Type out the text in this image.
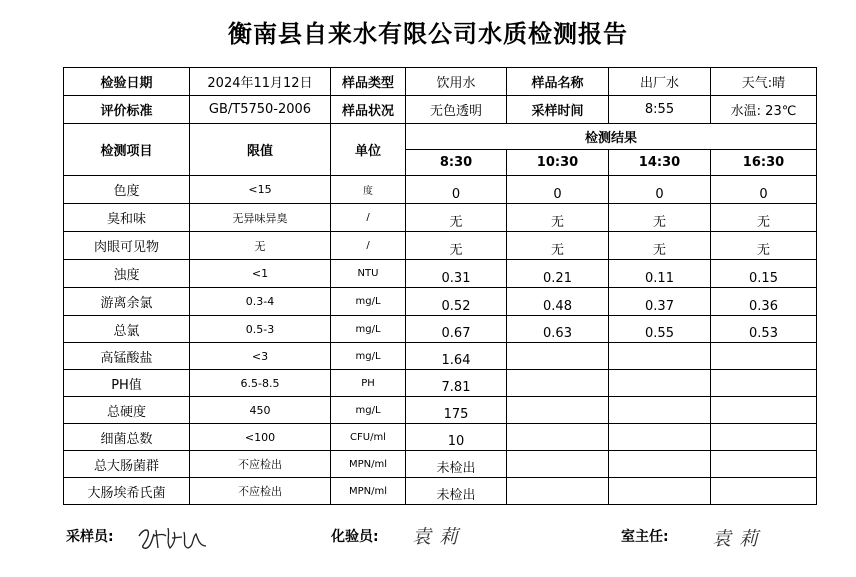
衡南县自来水有限公司水质检测报告
检验日期	2024年11月12日	样品类型	饮用水	样品名称	出厂水	天气:晴
评价标准	GB/T5750-2006	样品状况	无色透明	采样时间	8:55	水温: 23℃
检测项目	限值	单位	检测结果			
			8:30	10:30	14:30	16:30
色度	<15	度	0	0	0	0
臭和味	无异味异臭	/	无	无	无	无
肉眼可见物	无	/	无	无	无	无
浊度	<1	NTU	0.31	0.21	0.11	0.15
游离余氯	0.3-4	mg/L	0.52	0.48	0.37	0.36
总氯	0.5-3	mg/L	0.67	0.63	0.55	0.53
高锰酸盐	<3	mg/L	1.64			
PH值	6.5-8.5	PH	7.81			
总硬度	450	mg/L	175			
细菌总数	<100	CFU/ml	10			
总大肠菌群	不应检出	MPN/ml	未检出			
大肠埃希氏菌	不应检出	MPN/ml	未检出			
采样员:	化验员: 袁莉	室主任: 袁莉
